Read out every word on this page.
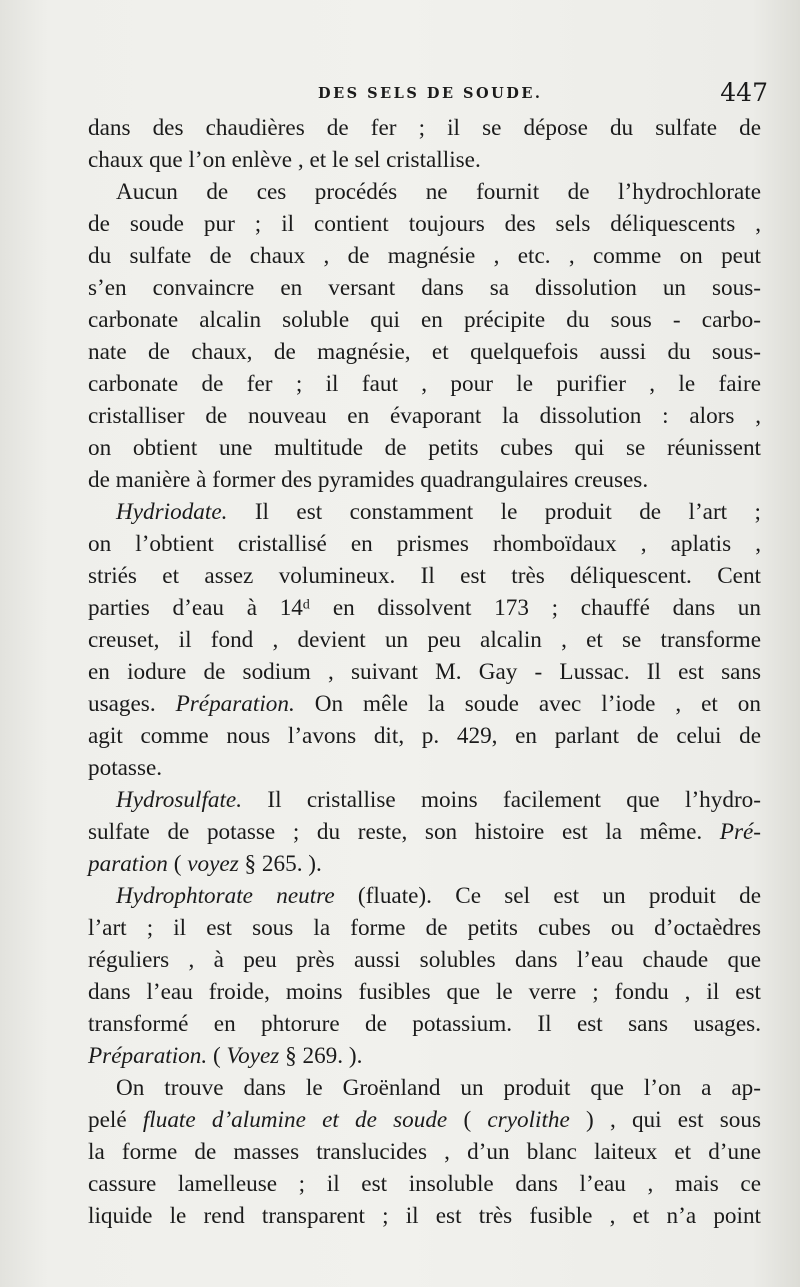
DES SELS DE SOUDE.	447
dans des chaudières de fer ; il se dépose du sulfate de
chaux que l’on enlève , et le sel cristallise.
Aucun de ces procédés ne fournit de l’hydrochlorate
de soude pur ; il contient toujours des sels déliquescents ,
du sulfate de chaux , de magnésie , etc. , comme on peut
s’en convaincre en versant dans sa dissolution un sous-
carbonate alcalin soluble qui en précipite du sous - carbo-
nate de chaux, de magnésie, et quelquefois aussi du sous-
carbonate de fer ; il faut , pour le purifier , le faire
cristalliser de nouveau en évaporant la dissolution : alors ,
on obtient une multitude de petits cubes qui se réunissent
de manière à former des pyramides quadrangulaires creuses.
Hydriodate. Il est constamment le produit de l’art ;
on l’obtient cristallisé en prismes rhomboïdaux , aplatis ,
striés et assez volumineux. Il est très déliquescent. Cent
parties d’eau à 14ᵈ en dissolvent 173 ; chauffé dans un
creuset, il fond , devient un peu alcalin , et se transforme
en iodure de sodium , suivant M. Gay - Lussac. Il est sans
usages. Préparation. On mêle la soude avec l’iode , et on
agit comme nous l’avons dit, p. 429, en parlant de celui de
potasse.
Hydrosulfate. Il cristallise moins facilement que l’hydro-
sulfate de potasse ; du reste, son histoire est la même. Pré-
paration ( voyez § 265. ).
Hydrophtorate neutre (fluate). Ce sel est un produit de
l’art ; il est sous la forme de petits cubes ou d’octaèdres
réguliers , à peu près aussi solubles dans l’eau chaude que
dans l’eau froide, moins fusibles que le verre ; fondu , il est
transformé en phtorure de potassium. Il est sans usages.
Préparation. ( Voyez § 269. ).
On trouve dans le Groënland un produit que l’on a ap-
pelé fluate d’alumine et de soude ( cryolithe ) , qui est sous
la forme de masses translucides , d’un blanc laiteux et d’une
cassure lamelleuse ; il est insoluble dans l’eau , mais ce
liquide le rend transparent ; il est très fusible , et n’a point
